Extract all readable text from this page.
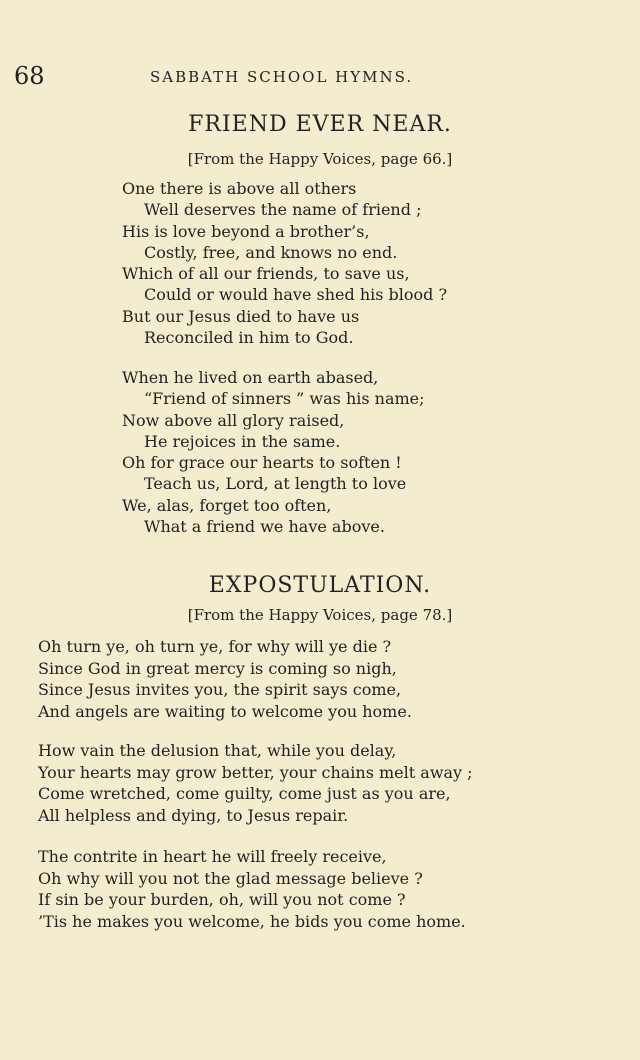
68	SABBATH SCHOOL HYMNS.
FRIEND EVER NEAR.
[From the Happy Voices, page 66.]
One there is above all others
Well deserves the name of friend ;
His is love beyond a brother’s,
Costly, free, and knows no end.
Which of all our friends, to save us,
Could or would have shed his blood ?
But our Jesus died to have us
Reconciled in him to God.
When he lived on earth abased,
“Friend of sinners ” was his name;
Now above all glory raised,
He rejoices in the same.
Oh for grace our hearts to soften !
Teach us, Lord, at length to love
We, alas, forget too often,
What a friend we have above.
EXPOSTULATION.
[From the Happy Voices, page 78.]
Oh turn ye, oh turn ye, for why will ye die ?
Since God in great mercy is coming so nigh,
Since Jesus invites you, the spirit says come,
And angels are waiting to welcome you home.
How vain the delusion that, while you delay,
Your hearts may grow better, your chains melt away ;
Come wretched, come guilty, come just as you are,
All helpless and dying, to Jesus repair.
The contrite in heart he will freely receive,
Oh why will you not the glad message believe ?
If sin be your burden, oh, will you not come ?
’Tis he makes you welcome, he bids you come home.
